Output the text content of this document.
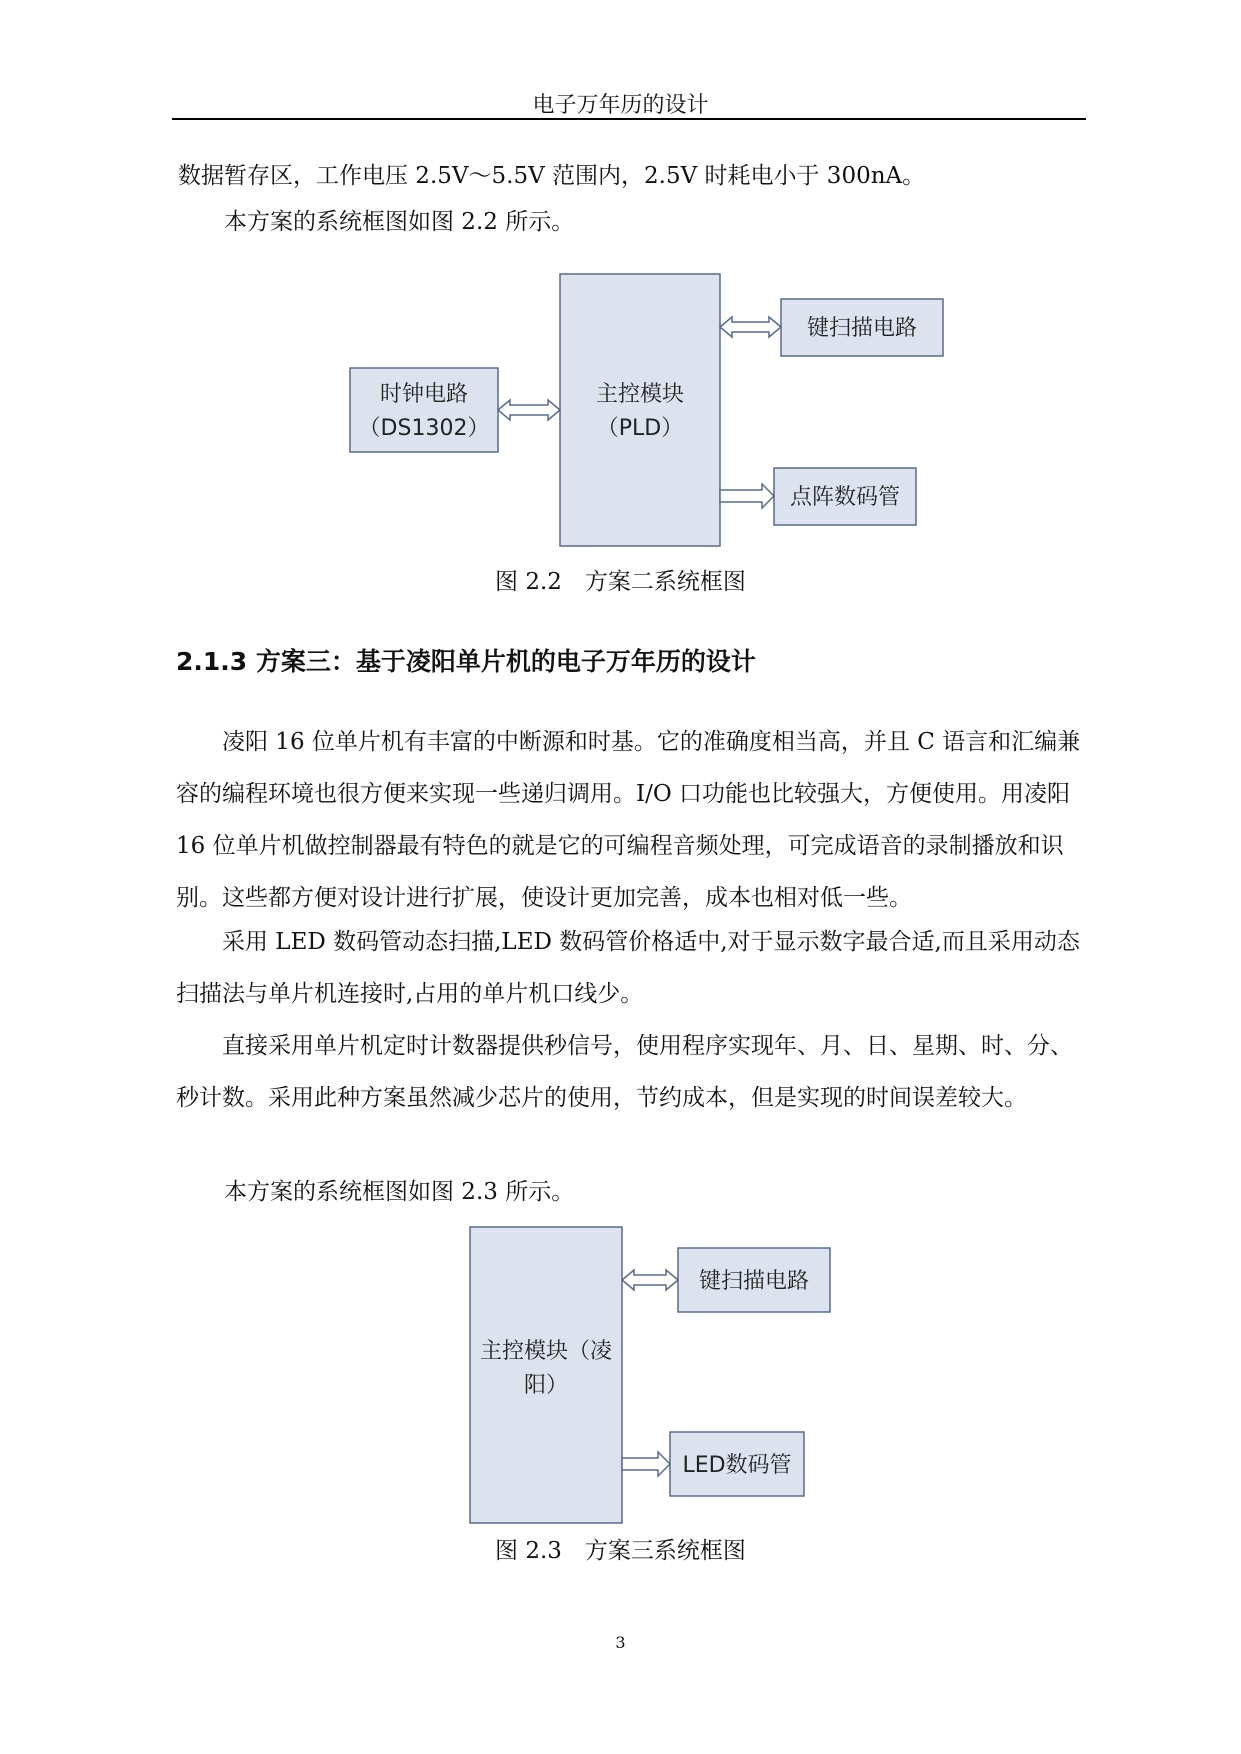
电子万年历的设计

数据暂存区，工作电压 2.5V～5.5V 范围内，2.5V 时耗电小于 300nA。

本方案的系统框图如图 2.2 所示。

时钟电路
（DS1302）
主控模块
（PLD）
键扫描电路
点阵数码管
图 2.2　方案二系统框图
2.1.3 方案三：基于凌阳单片机的电子万年历的设计

凌阳 16 位单片机有丰富的中断源和时基。它的准确度相当高，并且 C 语言和汇编兼容的编程环境也很方便来实现一些递归调用。I/O 口功能也比较强大，方便使用。用凌阳 16 位单片机做控制器最有特色的就是它的可编程音频处理，可完成语音的录制播放和识别。这些都方便对设计进行扩展，使设计更加完善，成本也相对低一些。

采用 LED 数码管动态扫描,LED 数码管价格适中,对于显示数字最合适,而且采用动态扫描法与单片机连接时,占用的单片机口线少。

直接采用单片机定时计数器提供秒信号，使用程序实现年、月、日、星期、时、分、秒计数。采用此种方案虽然减少芯片的使用，节约成本，但是实现的时间误差较大。

本方案的系统框图如图 2.3 所示。

主控模块（凌
阳）
键扫描电路
LED数码管
图 2.3　方案三系统框图
3
